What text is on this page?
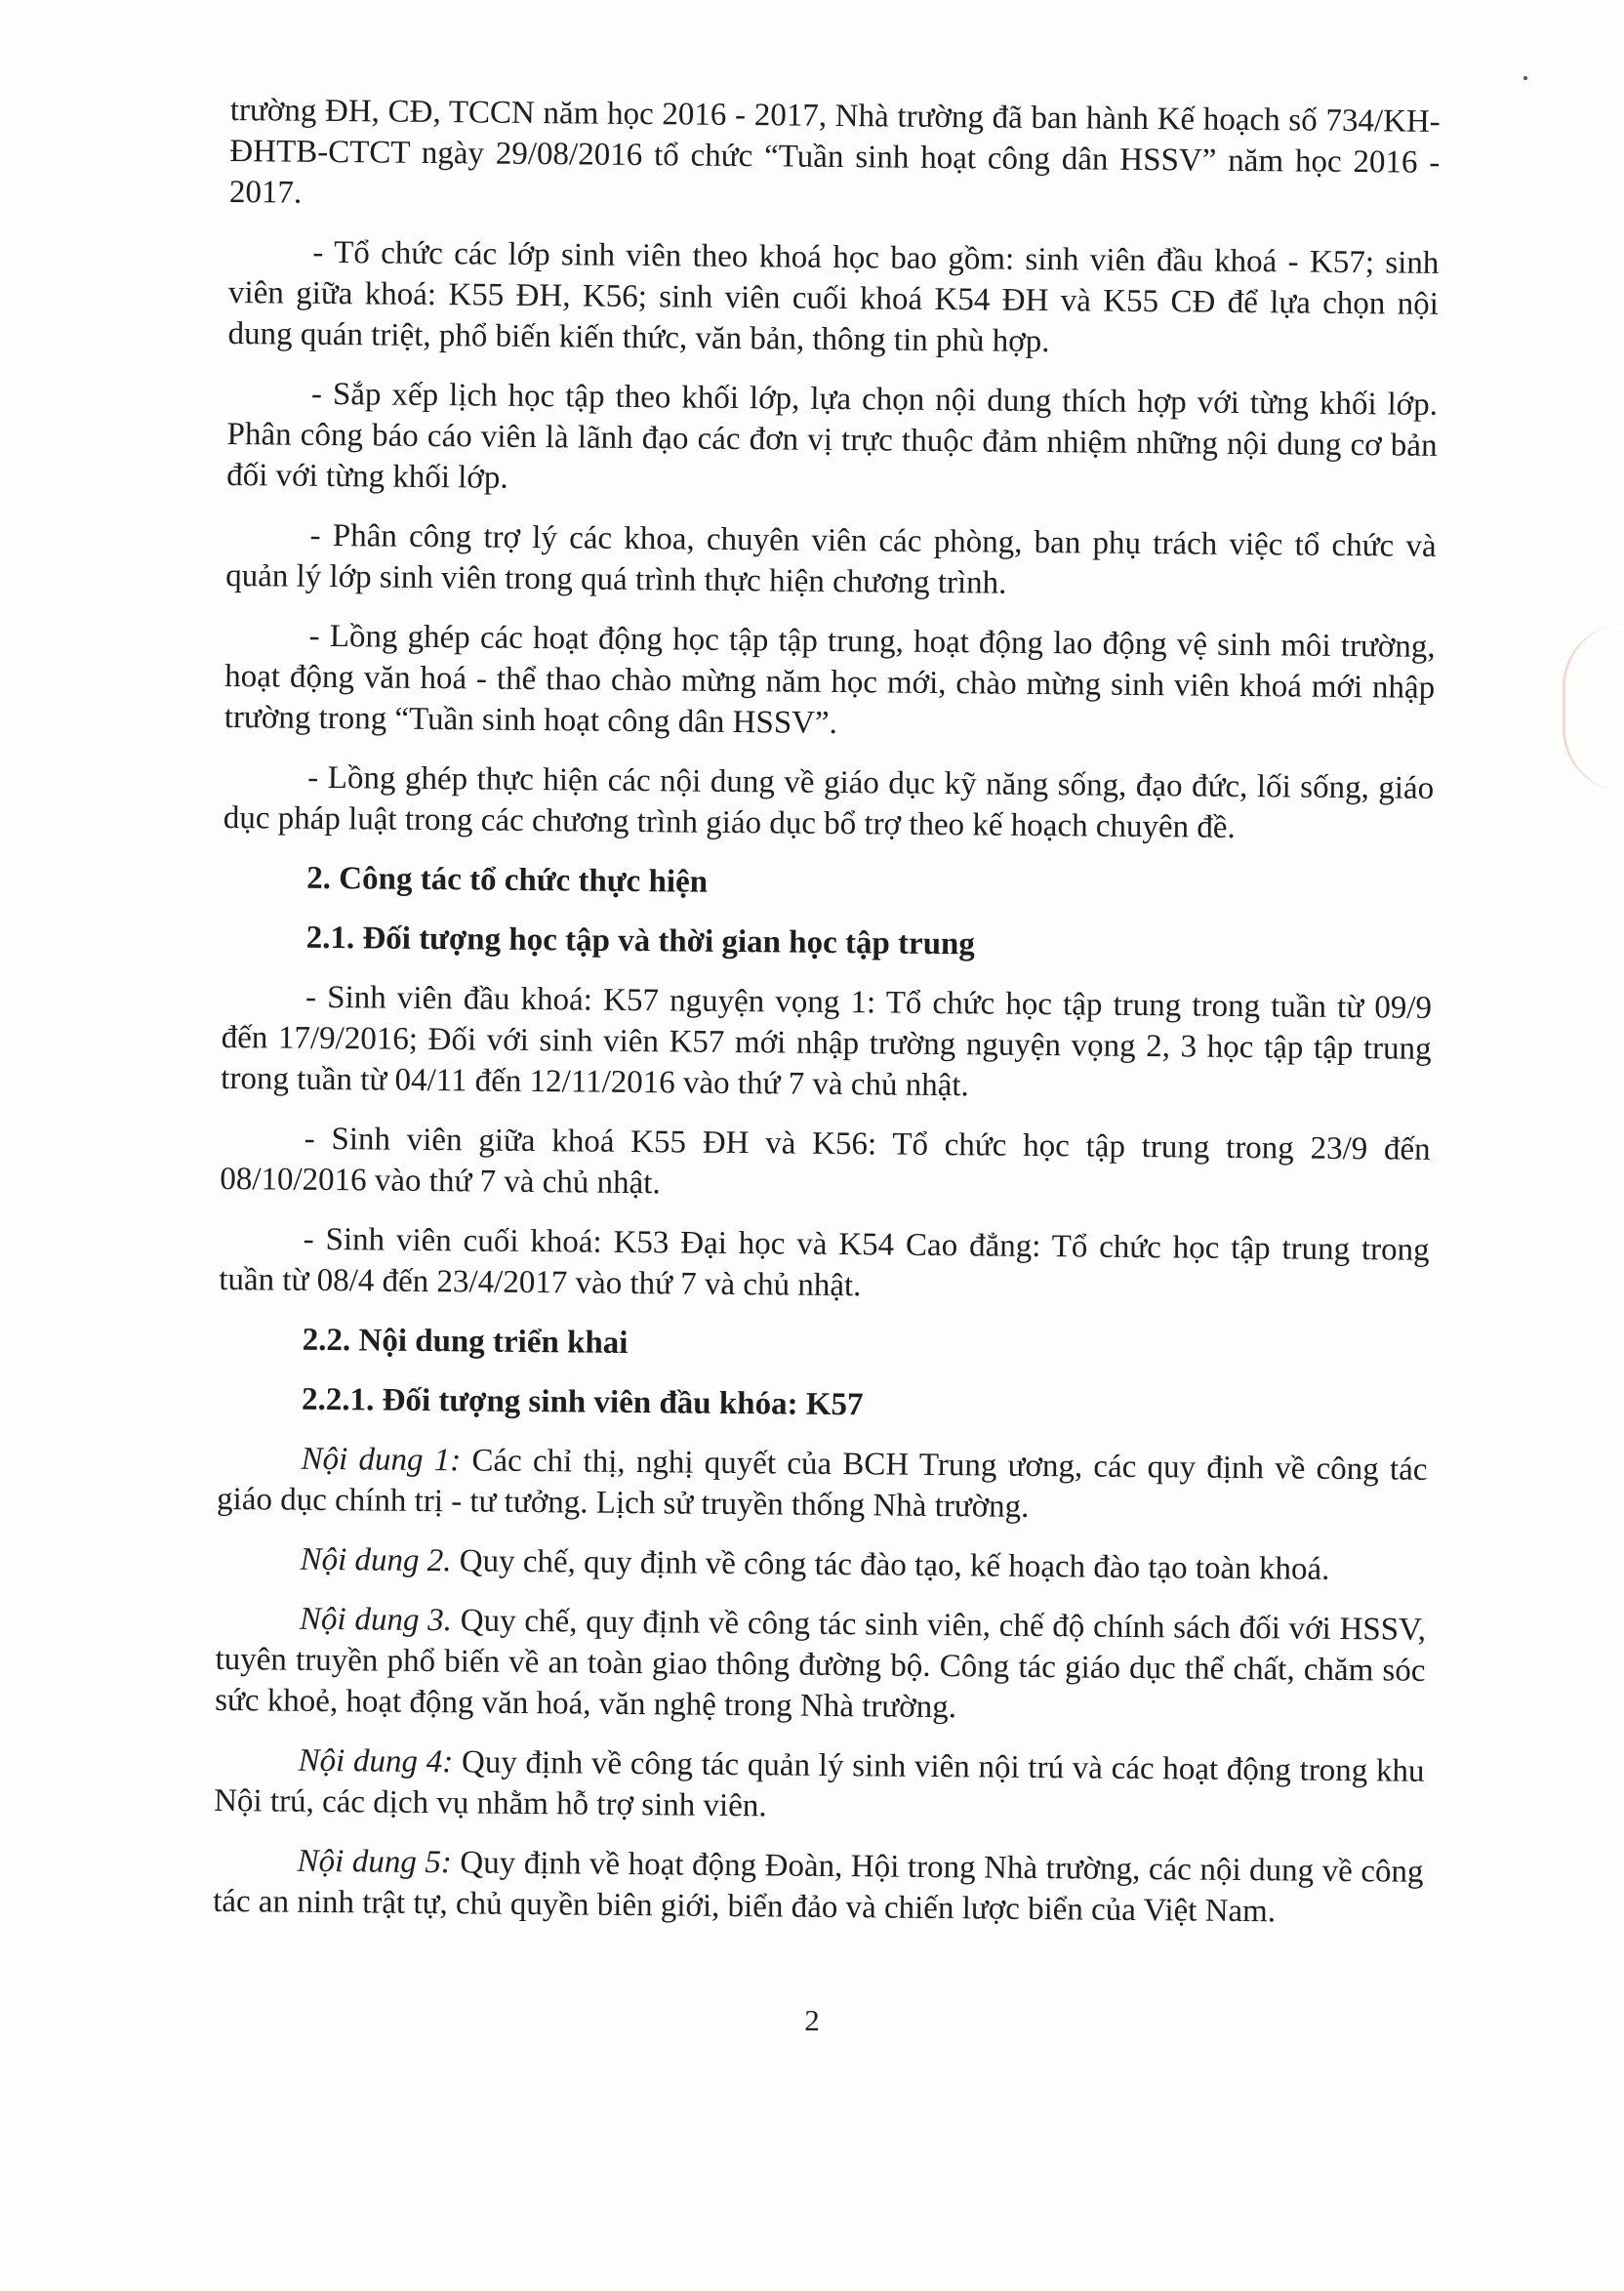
trường ĐH, CĐ, TCCN năm học 2016 - 2017, Nhà trường đã ban hành Kế hoạch số 734/KH-ĐHTB-CTCT ngày 29/08/2016 tổ chức “Tuần sinh hoạt công dân HSSV” năm học 2016 - 2017.

- Tổ chức các lớp sinh viên theo khoá học bao gồm: sinh viên đầu khoá - K57; sinh viên giữa khoá: K55 ĐH, K56; sinh viên cuối khoá K54 ĐH và K55 CĐ để lựa chọn nội dung quán triệt, phổ biến kiến thức, văn bản, thông tin phù hợp.

- Sắp xếp lịch học tập theo khối lớp, lựa chọn nội dung thích hợp với từng khối lớp. Phân công báo cáo viên là lãnh đạo các đơn vị trực thuộc đảm nhiệm những nội dung cơ bản đối với từng khối lớp.

- Phân công trợ lý các khoa, chuyên viên các phòng, ban phụ trách việc tổ chức và quản lý lớp sinh viên trong quá trình thực hiện chương trình.

- Lồng ghép các hoạt động học tập tập trung, hoạt động lao động vệ sinh môi trường, hoạt động văn hoá - thể thao chào mừng năm học mới, chào mừng sinh viên khoá mới nhập trường trong “Tuần sinh hoạt công dân HSSV”.

- Lồng ghép thực hiện các nội dung về giáo dục kỹ năng sống, đạo đức, lối sống, giáo dục pháp luật trong các chương trình giáo dục bổ trợ theo kế hoạch chuyên đề.

2. Công tác tổ chức thực hiện
2.1. Đối tượng học tập và thời gian học tập trung

- Sinh viên đầu khoá: K57 nguyện vọng 1: Tổ chức học tập trung trong tuần từ 09/9 đến 17/9/2016; Đối với sinh viên K57 mới nhập trường nguyện vọng 2, 3 học tập tập trung trong tuần từ 04/11 đến 12/11/2016 vào thứ 7 và chủ nhật.

- Sinh viên giữa khoá K55 ĐH và K56: Tổ chức học tập trung trong 23/9 đến 08/10/2016 vào thứ 7 và chủ nhật.

- Sinh viên cuối khoá: K53 Đại học và K54 Cao đẳng: Tổ chức học tập trung trong tuần từ 08/4 đến 23/4/2017 vào thứ 7 và chủ nhật.

2.2. Nội dung triển khai
2.2.1. Đối tượng sinh viên đầu khóa: K57

Nội dung 1: Các chỉ thị, nghị quyết của BCH Trung ương, các quy định về công tác giáo dục chính trị - tư tưởng. Lịch sử truyền thống Nhà trường.

Nội dung 2. Quy chế, quy định về công tác đào tạo, kế hoạch đào tạo toàn khoá.

Nội dung 3. Quy chế, quy định về công tác sinh viên, chế độ chính sách đối với HSSV, tuyên truyền phổ biến về an toàn giao thông đường bộ. Công tác giáo dục thể chất, chăm sóc sức khoẻ, hoạt động văn hoá, văn nghệ trong Nhà trường.

Nội dung 4: Quy định về công tác quản lý sinh viên nội trú và các hoạt động trong khu Nội trú, các dịch vụ nhằm hỗ trợ sinh viên.

Nội dung 5: Quy định về hoạt động Đoàn, Hội trong Nhà trường, các nội dung về công tác an ninh trật tự, chủ quyền biên giới, biển đảo và chiến lược biển của Việt Nam.

2
